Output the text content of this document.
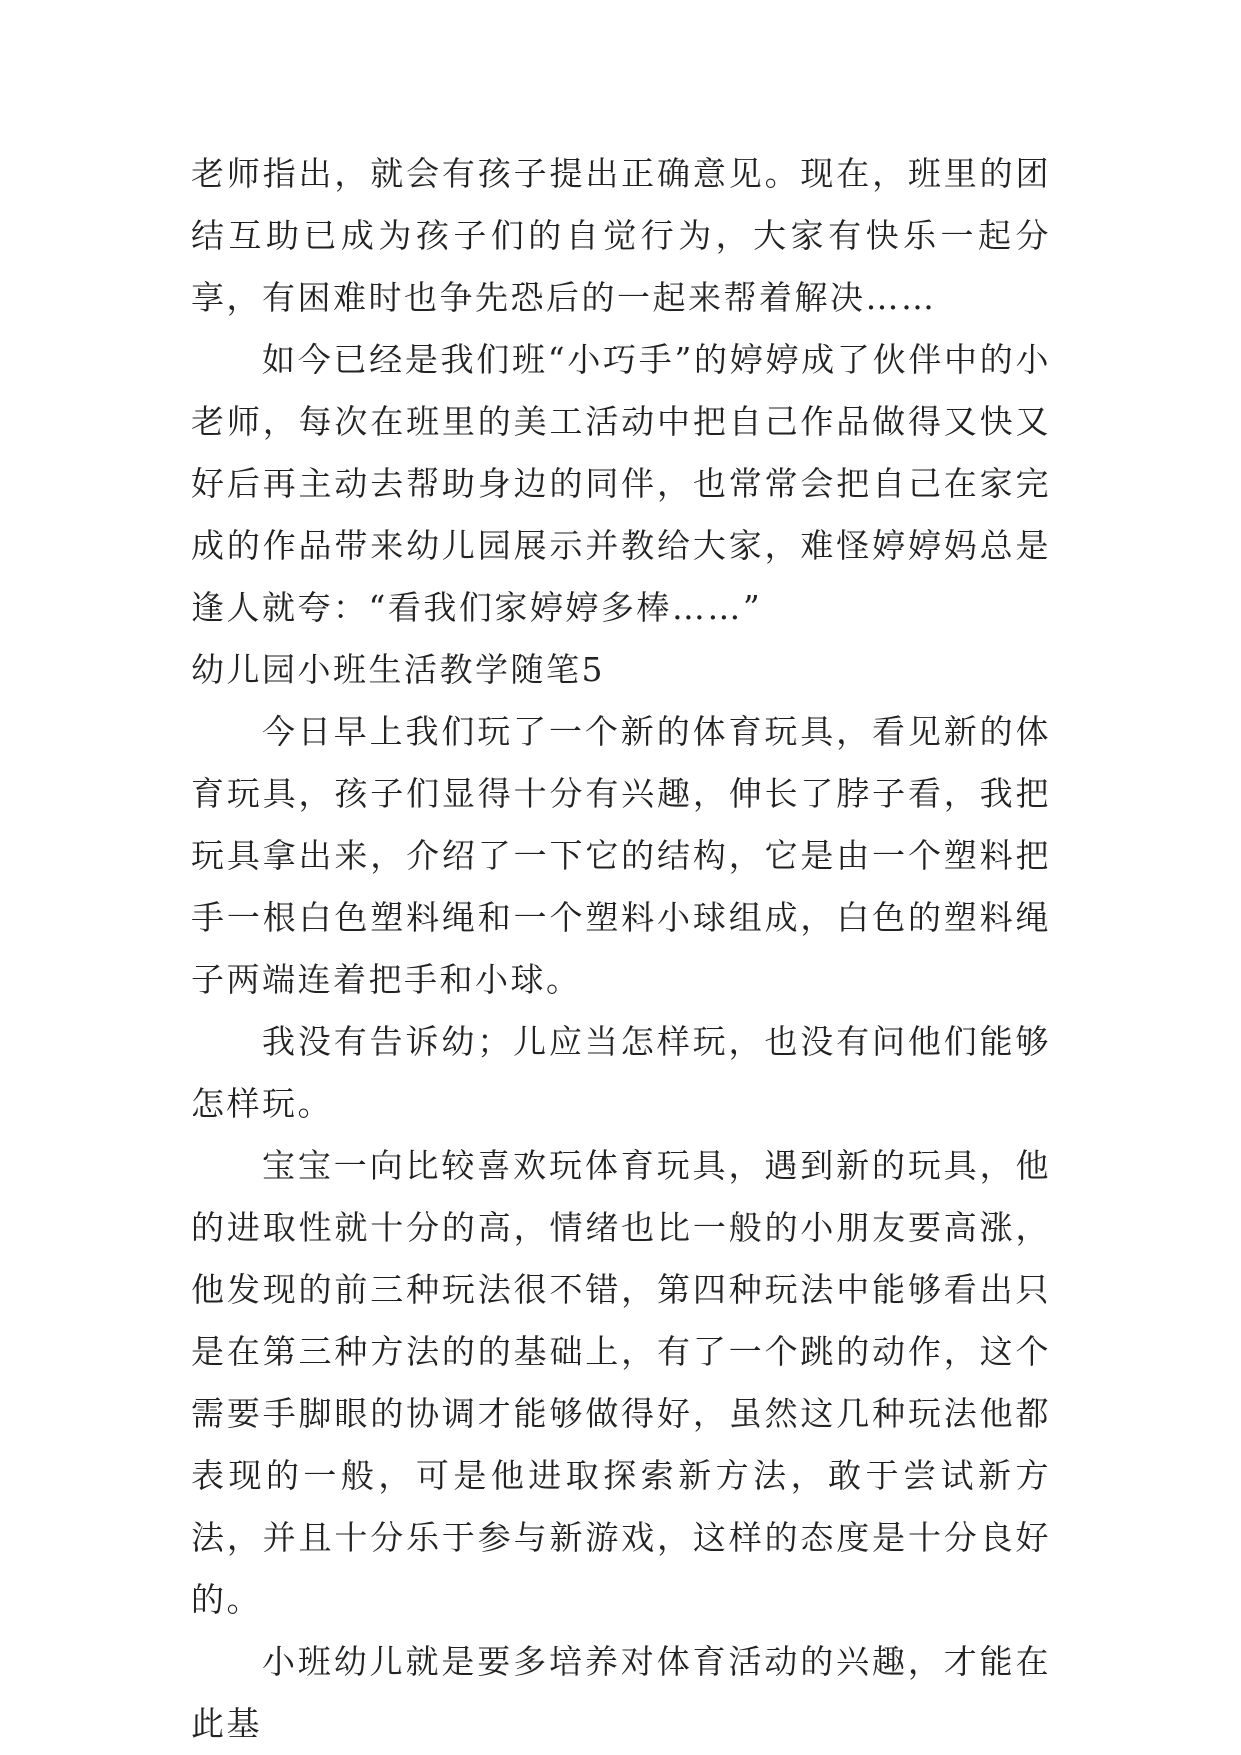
老师指出，就会有孩子提出正确意见。现在，班里的团结互助已成为孩子们的自觉行为，大家有快乐一起分享，有困难时也争先恐后的一起来帮着解决……

如今已经是我们班“小巧手”的婷婷成了伙伴中的小老师，每次在班里的美工活动中把自己作品做得又快又好后再主动去帮助身边的同伴，也常常会把自己在家完成的作品带来幼儿园展示并教给大家，难怪婷婷妈总是逢人就夸：“看我们家婷婷多棒……”

幼儿园小班生活教学随笔5

今日早上我们玩了一个新的体育玩具，看见新的体育玩具，孩子们显得十分有兴趣，伸长了脖子看，我把玩具拿出来，介绍了一下它的结构，它是由一个塑料把手一根白色塑料绳和一个塑料小球组成，白色的塑料绳子两端连着把手和小球。

我没有告诉幼；儿应当怎样玩，也没有问他们能够怎样玩。

宝宝一向比较喜欢玩体育玩具，遇到新的玩具，他的进取性就十分的高，情绪也比一般的小朋友要高涨，他发现的前三种玩法很不错，第四种玩法中能够看出只是在第三种方法的的基础上，有了一个跳的动作，这个需要手脚眼的协调才能够做得好，虽然这几种玩法他都表现的一般，可是他进取探索新方法，敢于尝试新方法，并且十分乐于参与新游戏，这样的态度是十分良好的。

小班幼儿就是要多培养对体育活动的兴趣，才能在此基
